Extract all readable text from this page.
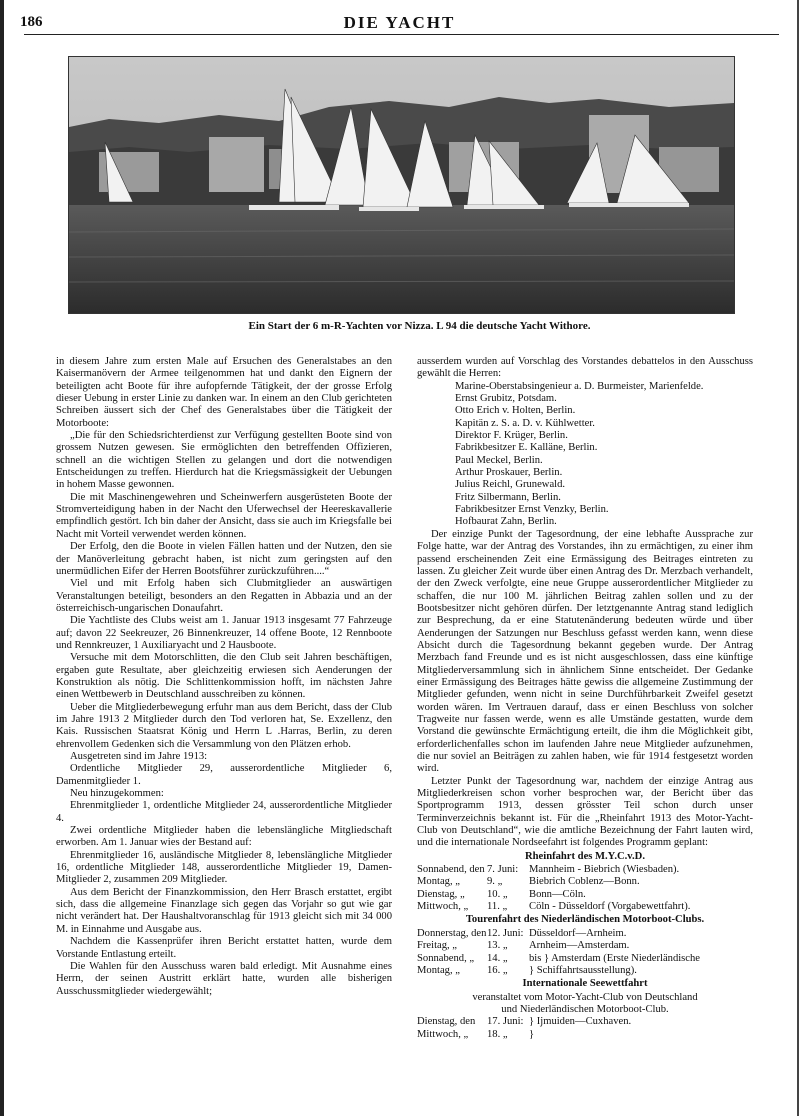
186	DIE YACHT
Ein Start der 6 m-R-Yachten vor Nizza. L 94 die deutsche Yacht Withore.

in diesem Jahre zum ersten Male auf Ersuchen des Generalstabes an den Kaisermanövern der Armee teilgenommen hat und dankt den Eignern der beteiligten acht Boote für ihre aufopfernde Tätigkeit, der der grosse Erfolg dieser Uebung in erster Linie zu danken war. In einem an den Club gerichteten Schreiben äussert sich der Chef des Generalstabes über die Tätigkeit der Motorboote:

„Die für den Schiedsrichterdienst zur Verfügung gestellten Boote sind von grossem Nutzen gewesen. Sie ermöglichten den betreffenden Offizieren, schnell an die wichtigen Stellen zu gelangen und dort die notwendigen Entscheidungen zu treffen. Hierdurch hat die Kriegsmässigkeit der Uebungen in hohem Masse gewonnen.

Die mit Maschinengewehren und Scheinwerfern ausgerüsteten Boote der Stromverteidigung haben in der Nacht den Uferwechsel der Heereskavallerie empfindlich gestört. Ich bin daher der Ansicht, dass sie auch im Kriegsfalle bei Nacht mit Vorteil verwendet werden können.

Der Erfolg, den die Boote in vielen Fällen hatten und der Nutzen, den sie der Manöverleitung gebracht haben, ist nicht zum geringsten auf den unermüdlichen Eifer der Herren Bootsführer zurückzuführen....“

Viel und mit Erfolg haben sich Clubmitglieder an auswärtigen Veranstaltungen beteiligt, besonders an den Regatten in Abbazia und an der österreichisch-ungarischen Donaufahrt.

Die Yachtliste des Clubs weist am 1. Januar 1913 insgesamt 77 Fahrzeuge auf; davon 22 Seekreuzer, 26 Binnenkreuzer, 14 offene Boote, 12 Rennboote und Rennkreuzer, 1 Auxiliaryacht und 2 Hausboote.

Versuche mit dem Motorschlitten, die den Club seit Jahren beschäftigen, ergaben gute Resultate, aber gleichzeitig erwiesen sich Aenderungen der Konstruktion als nötig. Die Schlittenkommission hofft, im nächsten Jahre einen Wettbewerb in Deutschland ausschreiben zu können.

Ueber die Mitgliederbewegung erfuhr man aus dem Bericht, dass der Club im Jahre 1913 2 Mitglieder durch den Tod verloren hat, Se. Exzellenz, den Kais. Russischen Staatsrat König und Herrn L .Harras, Berlin, zu deren ehrenvollem Gedenken sich die Versammlung von den Plätzen erhob.

Ausgetreten sind im Jahre 1913:

Ordentliche Mitglieder 29, ausserordentliche Mitglieder 6, Damenmitglieder 1.

Neu hinzugekommen:

Ehrenmitglieder 1, ordentliche Mitglieder 24, ausserordentliche Mitglieder 4.

Zwei ordentliche Mitglieder haben die lebenslängliche Mitgliedschaft erworben. Am 1. Januar wies der Bestand auf:

Ehrenmitglieder 16, ausländische Mitglieder 8, lebenslängliche Mitglieder 16, ordentliche Mitglieder 148, ausserordentliche Mitglieder 19, Damen-Mitglieder 2, zusammen 209 Mitglieder.

Aus dem Bericht der Finanzkommission, den Herr Brasch erstattet, ergibt sich, dass die allgemeine Finanzlage sich gegen das Vorjahr so gut wie gar nicht verändert hat. Der Haushaltvoranschlag für 1913 gleicht sich mit 34 000 M. in Einnahme und Ausgabe aus.

Nachdem die Kassenprüfer ihren Bericht erstattet hatten, wurde dem Vorstande Entlastung erteilt.

Die Wahlen für den Ausschuss waren bald erledigt. Mit Ausnahme eines Herrn, der seinen Austritt erklärt hatte, wurden alle bisherigen Ausschussmitglieder wiedergewählt;

ausserdem wurden auf Vorschlag des Vorstandes debattelos in den Ausschuss gewählt die Herren:

Marine-Oberstabsingenieur a. D. Burmeister, Marienfelde.

Ernst Grubitz, Potsdam.

Otto Erich v. Holten, Berlin.

Kapitän z. S. a. D. v. Kühlwetter.

Direktor F. Krüger, Berlin.

Fabrikbesitzer E. Kalläne, Berlin.

Paul Meckel, Berlin.

Arthur Proskauer, Berlin.

Julius Reichl, Grunewald.

Fritz Silbermann, Berlin.

Fabrikbesitzer Ernst Venzky, Berlin.

Hofbaurat Zahn, Berlin.

Der einzige Punkt der Tagesordnung, der eine lebhafte Aussprache zur Folge hatte, war der Antrag des Vorstandes, ihn zu ermächtigen, zu einer ihm passend erscheinenden Zeit eine Ermässigung des Beitrages eintreten zu lassen. Zu gleicher Zeit wurde über einen Antrag des Dr. Merzbach verhandelt, der den Zweck verfolgte, eine neue Gruppe ausserordentlicher Mitglieder zu schaffen, die nur 100 M. jährlichen Beitrag zahlen sollen und zu der Bootsbesitzer nicht gehören dürfen. Der letztgenannte Antrag stand lediglich zur Besprechung, da er eine Statutenänderung bedeuten würde und über Aenderungen der Satzungen nur Beschluss gefasst werden kann, wenn diese Absicht durch die Tagesordnung bekannt gegeben wurde. Der Antrag Merzbach fand Freunde und es ist nicht ausgeschlossen, dass eine künftige Mitgliederversammlung sich in ähnlichem Sinne entscheidet. Der Gedanke einer Ermässigung des Beitrages hätte gewiss die allgemeine Zustimmung der Mitglieder gefunden, wenn nicht in seine Durchführbarkeit Zweifel gesetzt worden wären. Im Vertrauen darauf, dass er einen Beschluss von solcher Tragweite nur fassen werde, wenn es alle Umstände gestatten, wurde dem Vorstand die gewünschte Ermächtigung erteilt, die ihm die Möglichkeit gibt, erforderlichenfalles schon im laufenden Jahre neue Mitglieder aufzunehmen, die nur soviel an Beiträgen zu zahlen haben, wie für 1914 festgesetzt worden wird.

Letzter Punkt der Tagesordnung war, nachdem der einzige Antrag aus Mitgliederkreisen schon vorher besprochen war, der Bericht über das Sportprogramm 1913, dessen grösster Teil schon durch unser Terminverzeichnis bekannt ist. Für die „Rheinfahrt 1913 des Motor-Yacht-Club von Deutschland“, wie die amtliche Bezeichnung der Fahrt lauten wird, und die internationale Nordseefahrt ist folgendes Programm geplant:

Rheinfahrt des M.Y.C.v.D.
Sonnabend, den	7. Juni:	Mannheim - Biebrich (Wiesbaden).
Montag, „	9. „	Biebrich Coblenz—Bonn.
Dienstag, „	10. „	Bonn—Cöln.
Mittwoch, „	11. „	Cöln - Düsseldorf (Vorgabewettfahrt).
Tourenfahrt des Niederländischen Motorboot-Clubs.
Donnerstag, den	12. Juni:	Düsseldorf—Arnheim.
Freitag, „	13. „	Arnheim—Amsterdam.
Sonnabend, „	14. „	bis } Amsterdam (Erste Niederländische
Montag, „	16. „	} Schiffahrtsausstellung).
Internationale Seewettfahrt
veranstaltet vom Motor-Yacht-Club von Deutschland
und Niederländischen Motorboot-Club.
Dienstag, den	17. Juni:	} Ijmuiden—Cuxhaven.
Mittwoch, „	18. „	}
